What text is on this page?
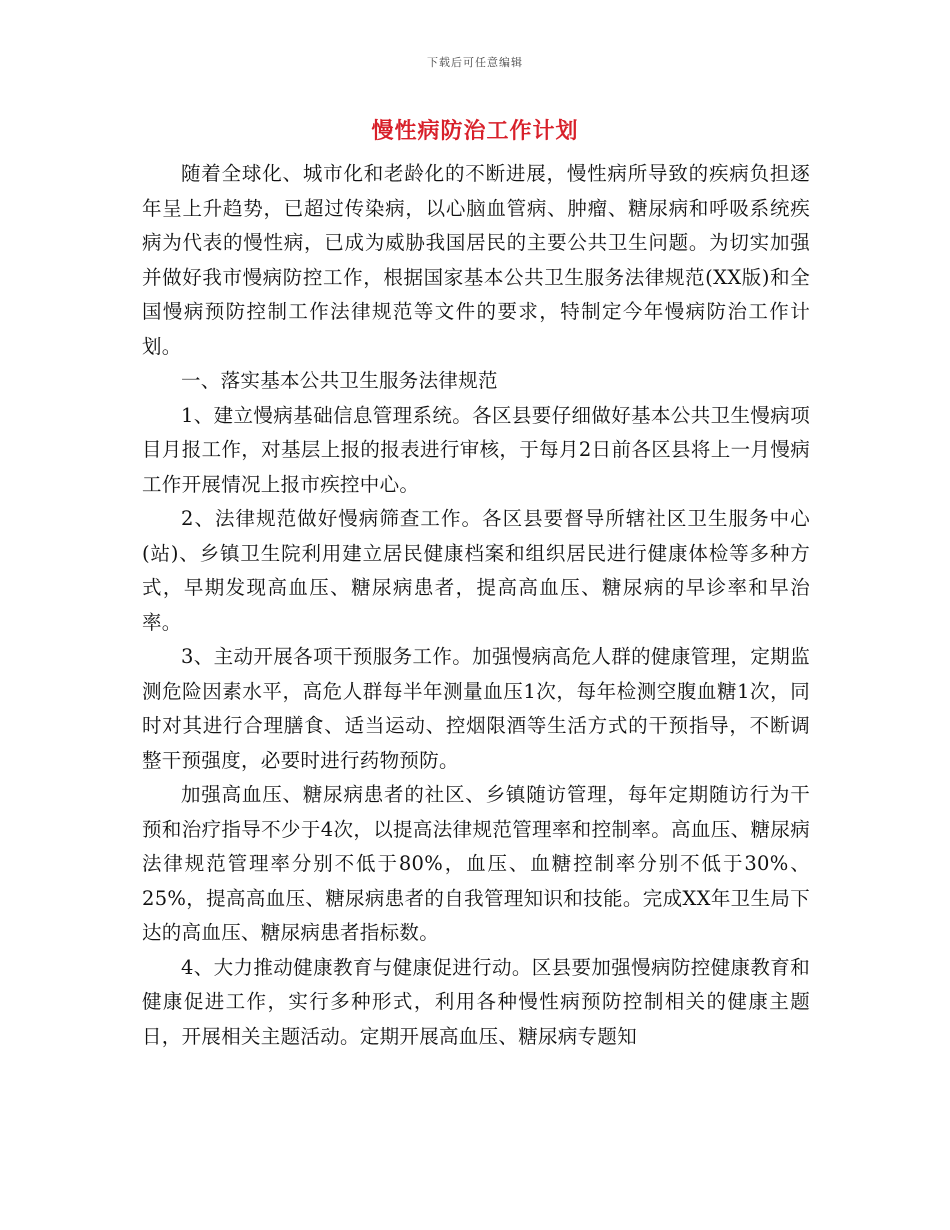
下载后可任意编辑
慢性病防治工作计划

随着全球化、城市化和老龄化的不断进展，慢性病所导致的疾病负担逐年呈上升趋势，已超过传染病，以心脑血管病、肿瘤、糖尿病和呼吸系统疾病为代表的慢性病，已成为威胁我国居民的主要公共卫生问题。为切实加强并做好我市慢病防控工作，根据国家基本公共卫生服务法律规范(XX版)和全国慢病预防控制工作法律规范等文件的要求，特制定今年慢病防治工作计划。

一、落实基本公共卫生服务法律规范

1、建立慢病基础信息管理系统。各区县要仔细做好基本公共卫生慢病项目月报工作，对基层上报的报表进行审核，于每月2日前各区县将上一月慢病工作开展情况上报市疾控中心。

2、法律规范做好慢病筛查工作。各区县要督导所辖社区卫生服务中心(站)、乡镇卫生院利用建立居民健康档案和组织居民进行健康体检等多种方式，早期发现高血压、糖尿病患者，提高高血压、糖尿病的早诊率和早治率。

3、主动开展各项干预服务工作。加强慢病高危人群的健康管理，定期监测危险因素水平，高危人群每半年测量血压1次，每年检测空腹血糖1次，同时对其进行合理膳食、适当运动、控烟限酒等生活方式的干预指导，不断调整干预强度，必要时进行药物预防。

加强高血压、糖尿病患者的社区、乡镇随访管理，每年定期随访行为干预和治疗指导不少于4次，以提高法律规范管理率和控制率。高血压、糖尿病法律规范管理率分别不低于80%，血压、血糖控制率分别不低于30%、25%，提高高血压、糖尿病患者的自我管理知识和技能。完成XX年卫生局下达的高血压、糖尿病患者指标数。

4、大力推动健康教育与健康促进行动。区县要加强慢病防控健康教育和健康促进工作，实行多种形式，利用各种慢性病预防控制相关的健康主题日，开展相关主题活动。定期开展高血压、糖尿病专题知
